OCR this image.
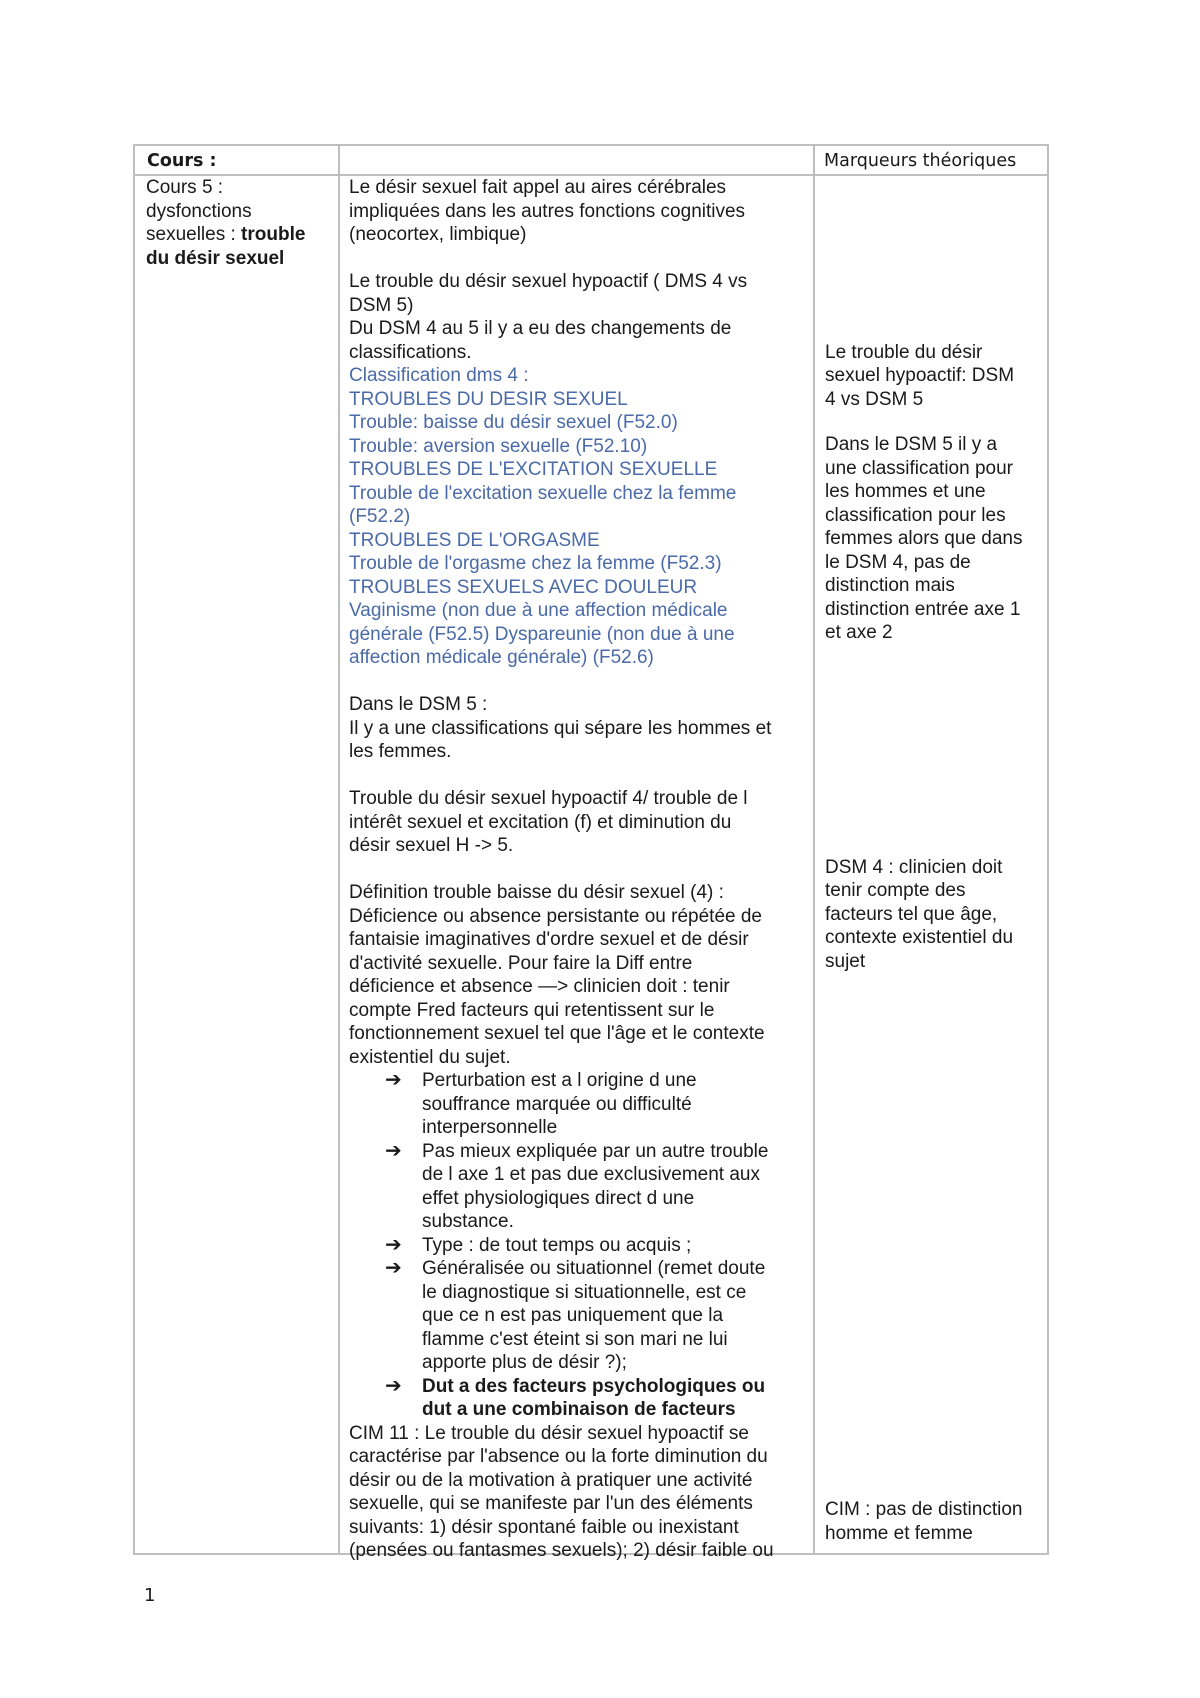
Cours :	Marqueurs théoriques

Cours 5 :

dysfonctions

sexuelles : trouble

du désir sexuel

Le désir sexuel fait appel au aires cérébrales

impliquées dans les autres fonctions cognitives

(neocortex, limbique)

Le trouble du désir sexuel hypoactif ( DMS 4 vs

DSM 5)

Du DSM 4 au 5 il y a eu des changements de

classifications.

Classification dms 4 :

TROUBLES DU DESIR SEXUEL

Trouble: baisse du désir sexuel (F52.0)

Trouble: aversion sexuelle (F52.10)

TROUBLES DE L'EXCITATION SEXUELLE

Trouble de l'excitation sexuelle chez la femme

(F52.2)

TROUBLES DE L'ORGASME

Trouble de l'orgasme chez la femme (F52.3)

TROUBLES SEXUELS AVEC DOULEUR

Vaginisme (non due à une affection médicale

générale (F52.5) Dyspareunie (non due à une

affection médicale générale) (F52.6)

Dans le DSM 5 :

Il y a une classifications qui sépare les hommes et

les femmes.

Trouble du désir sexuel hypoactif 4/ trouble de l

intérêt sexuel et excitation (f) et diminution du

désir sexuel H -> 5.

Définition trouble baisse du désir sexuel (4) :

Déficience ou absence persistante ou répétée de

fantaisie imaginatives d'ordre sexuel et de désir

d'activité sexuelle. Pour faire la Diff entre

déficience et absence —> clinicien doit : tenir

compte Fred facteurs qui retentissent sur le

fonctionnement sexuel tel que l'âge et le contexte

existentiel du sujet.

➔ Perturbation est a l origine d une

souffrance marquée ou difficulté

interpersonnelle

➔ Pas mieux expliquée par un autre trouble

de l axe 1 et pas due exclusivement aux

effet physiologiques direct d une

substance.

➔ Type : de tout temps ou acquis ;

➔ Généralisée ou situationnel (remet doute

le diagnostique si situationnelle, est ce

que ce n est pas uniquement que la

flamme c'est éteint si son mari ne lui

apporte plus de désir ?);

➔ Dut a des facteurs psychologiques ou

dut a une combinaison de facteurs

CIM 11 : Le trouble du désir sexuel hypoactif se

caractérise par l'absence ou la forte diminution du

désir ou de la motivation à pratiquer une activité

sexuelle, qui se manifeste par l'un des éléments

suivants: 1) désir spontané faible ou inexistant

(pensées ou fantasmes sexuels); 2) désir faible ou

Le trouble du désir

sexuel hypoactif: DSM

4 vs DSM 5

Dans le DSM 5 il y a

une classification pour

les hommes et une

classification pour les

femmes alors que dans

le DSM 4, pas de

distinction mais

distinction entrée axe 1

et axe 2

DSM 4 : clinicien doit

tenir compte des

facteurs tel que âge,

contexte existentiel du

sujet

CIM : pas de distinction

homme et femme

1
